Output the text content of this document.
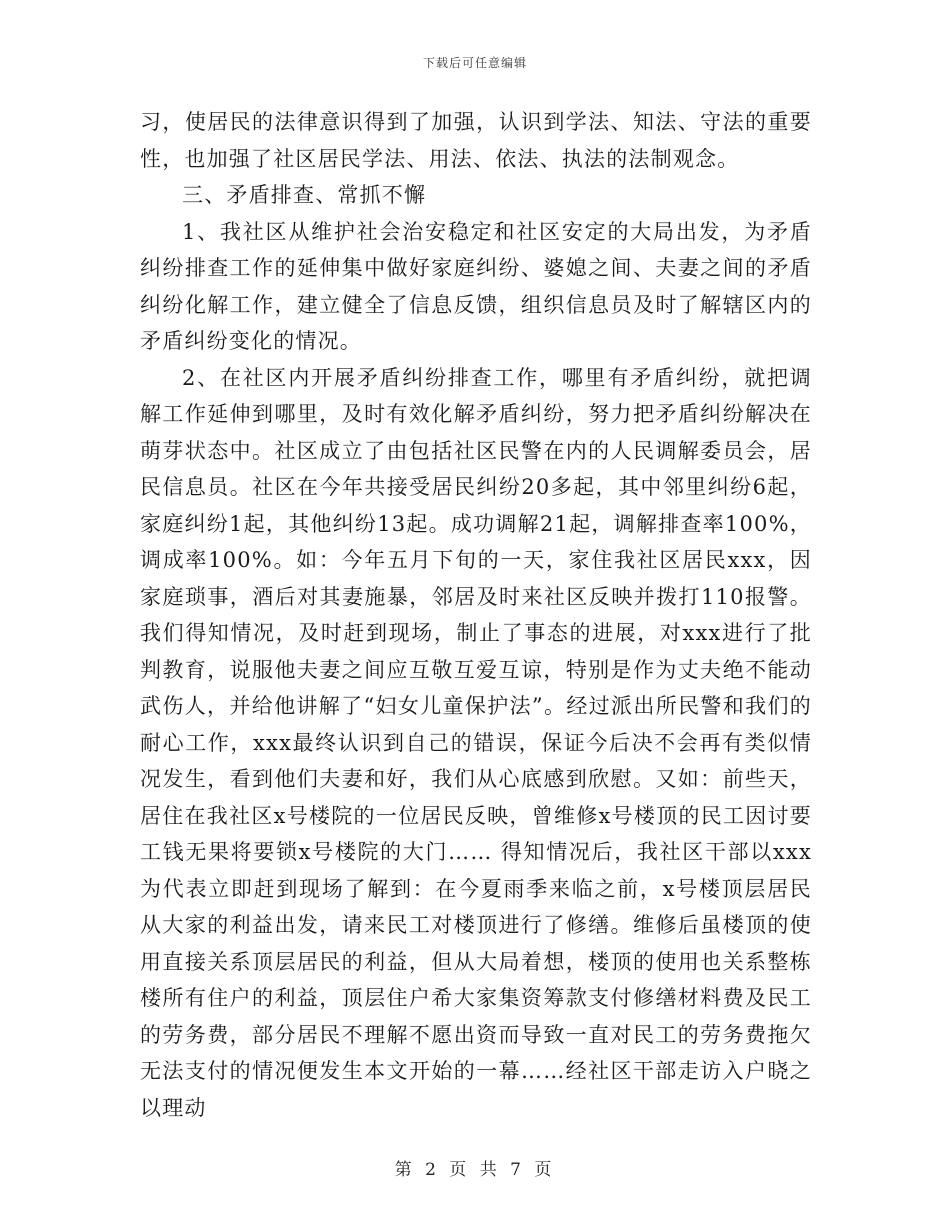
下载后可任意编辑

习，使居民的法律意识得到了加强，认识到学法、知法、守法的重要性，也加强了社区居民学法、用法、依法、执法的法制观念。

三、矛盾排查、常抓不懈

1、我社区从维护社会治安稳定和社区安定的大局出发，为矛盾纠纷排查工作的延伸集中做好家庭纠纷、婆媳之间、夫妻之间的矛盾纠纷化解工作，建立健全了信息反馈，组织信息员及时了解辖区内的矛盾纠纷变化的情况。

2、在社区内开展矛盾纠纷排查工作，哪里有矛盾纠纷，就把调解工作延伸到哪里，及时有效化解矛盾纠纷，努力把矛盾纠纷解决在萌芽状态中。社区成立了由包括社区民警在内的人民调解委员会，居民信息员。社区在今年共接受居民纠纷20多起，其中邻里纠纷6起，家庭纠纷1起，其他纠纷13起。成功调解21起，调解排查率100%，调成率100%。如：今年五月下旬的一天，家住我社区居民xxx，因家庭琐事，酒后对其妻施暴，邻居及时来社区反映并拨打110报警。我们得知情况，及时赶到现场，制止了事态的进展，对xxx进行了批判教育，说服他夫妻之间应互敬互爱互谅，特别是作为丈夫绝不能动武伤人，并给他讲解了“妇女儿童保护法”。经过派出所民警和我们的耐心工作，xxx最终认识到自己的错误，保证今后决不会再有类似情况发生，看到他们夫妻和好，我们从心底感到欣慰。又如：前些天，居住在我社区x号楼院的一位居民反映，曾维修x号楼顶的民工因讨要工钱无果将要锁x号楼院的大门…… 得知情况后，我社区干部以xxx为代表立即赶到现场了解到：在今夏雨季来临之前，x号楼顶层居民从大家的利益出发，请来民工对楼顶进行了修缮。维修后虽楼顶的使用直接关系顶层居民的利益，但从大局着想，楼顶的使用也关系整栋楼所有住户的利益，顶层住户希大家集资筹款支付修缮材料费及民工的劳务费，部分居民不理解不愿出资而导致一直对民工的劳务费拖欠无法支付的情况便发生本文开始的一幕……经社区干部走访入户晓之以理动

第 2 页 共 7 页
